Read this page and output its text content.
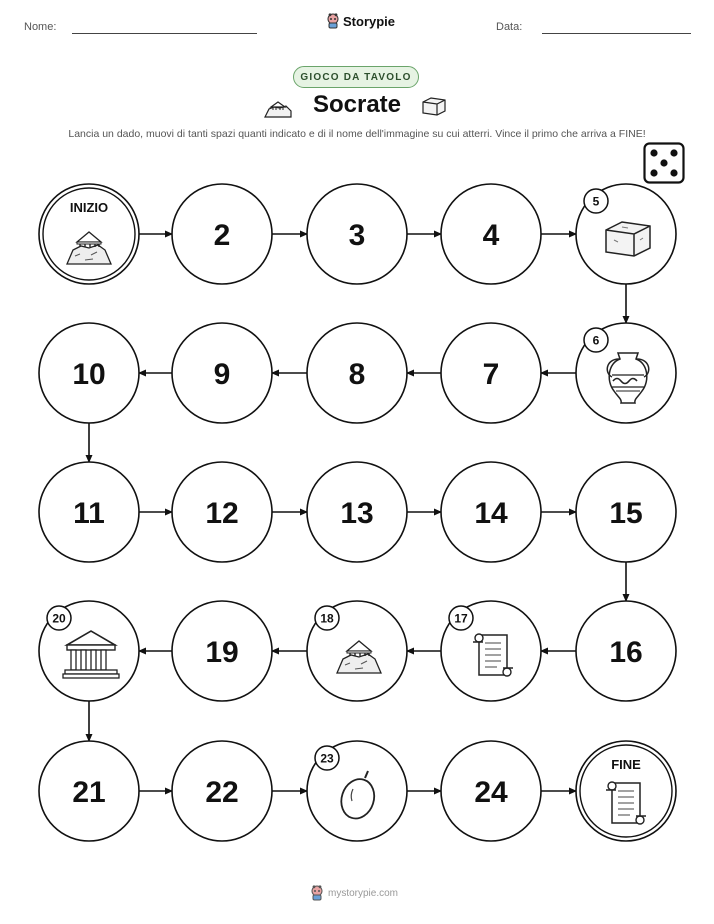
Nome:	Storypie	Data:
GIOCO DA TAVOLO
Socrate
Lancia un dado, muovi di tanti spazi quanti indicato e di il nome dell'immagine su cui atterri. Vince il primo che arriva a FINE!
INIZIO
2	3	4
5
6
7
8
9
10
11	12	13	14	15
16
17
18
19
20
21	22
23
24
FINE
mystorypie.com
